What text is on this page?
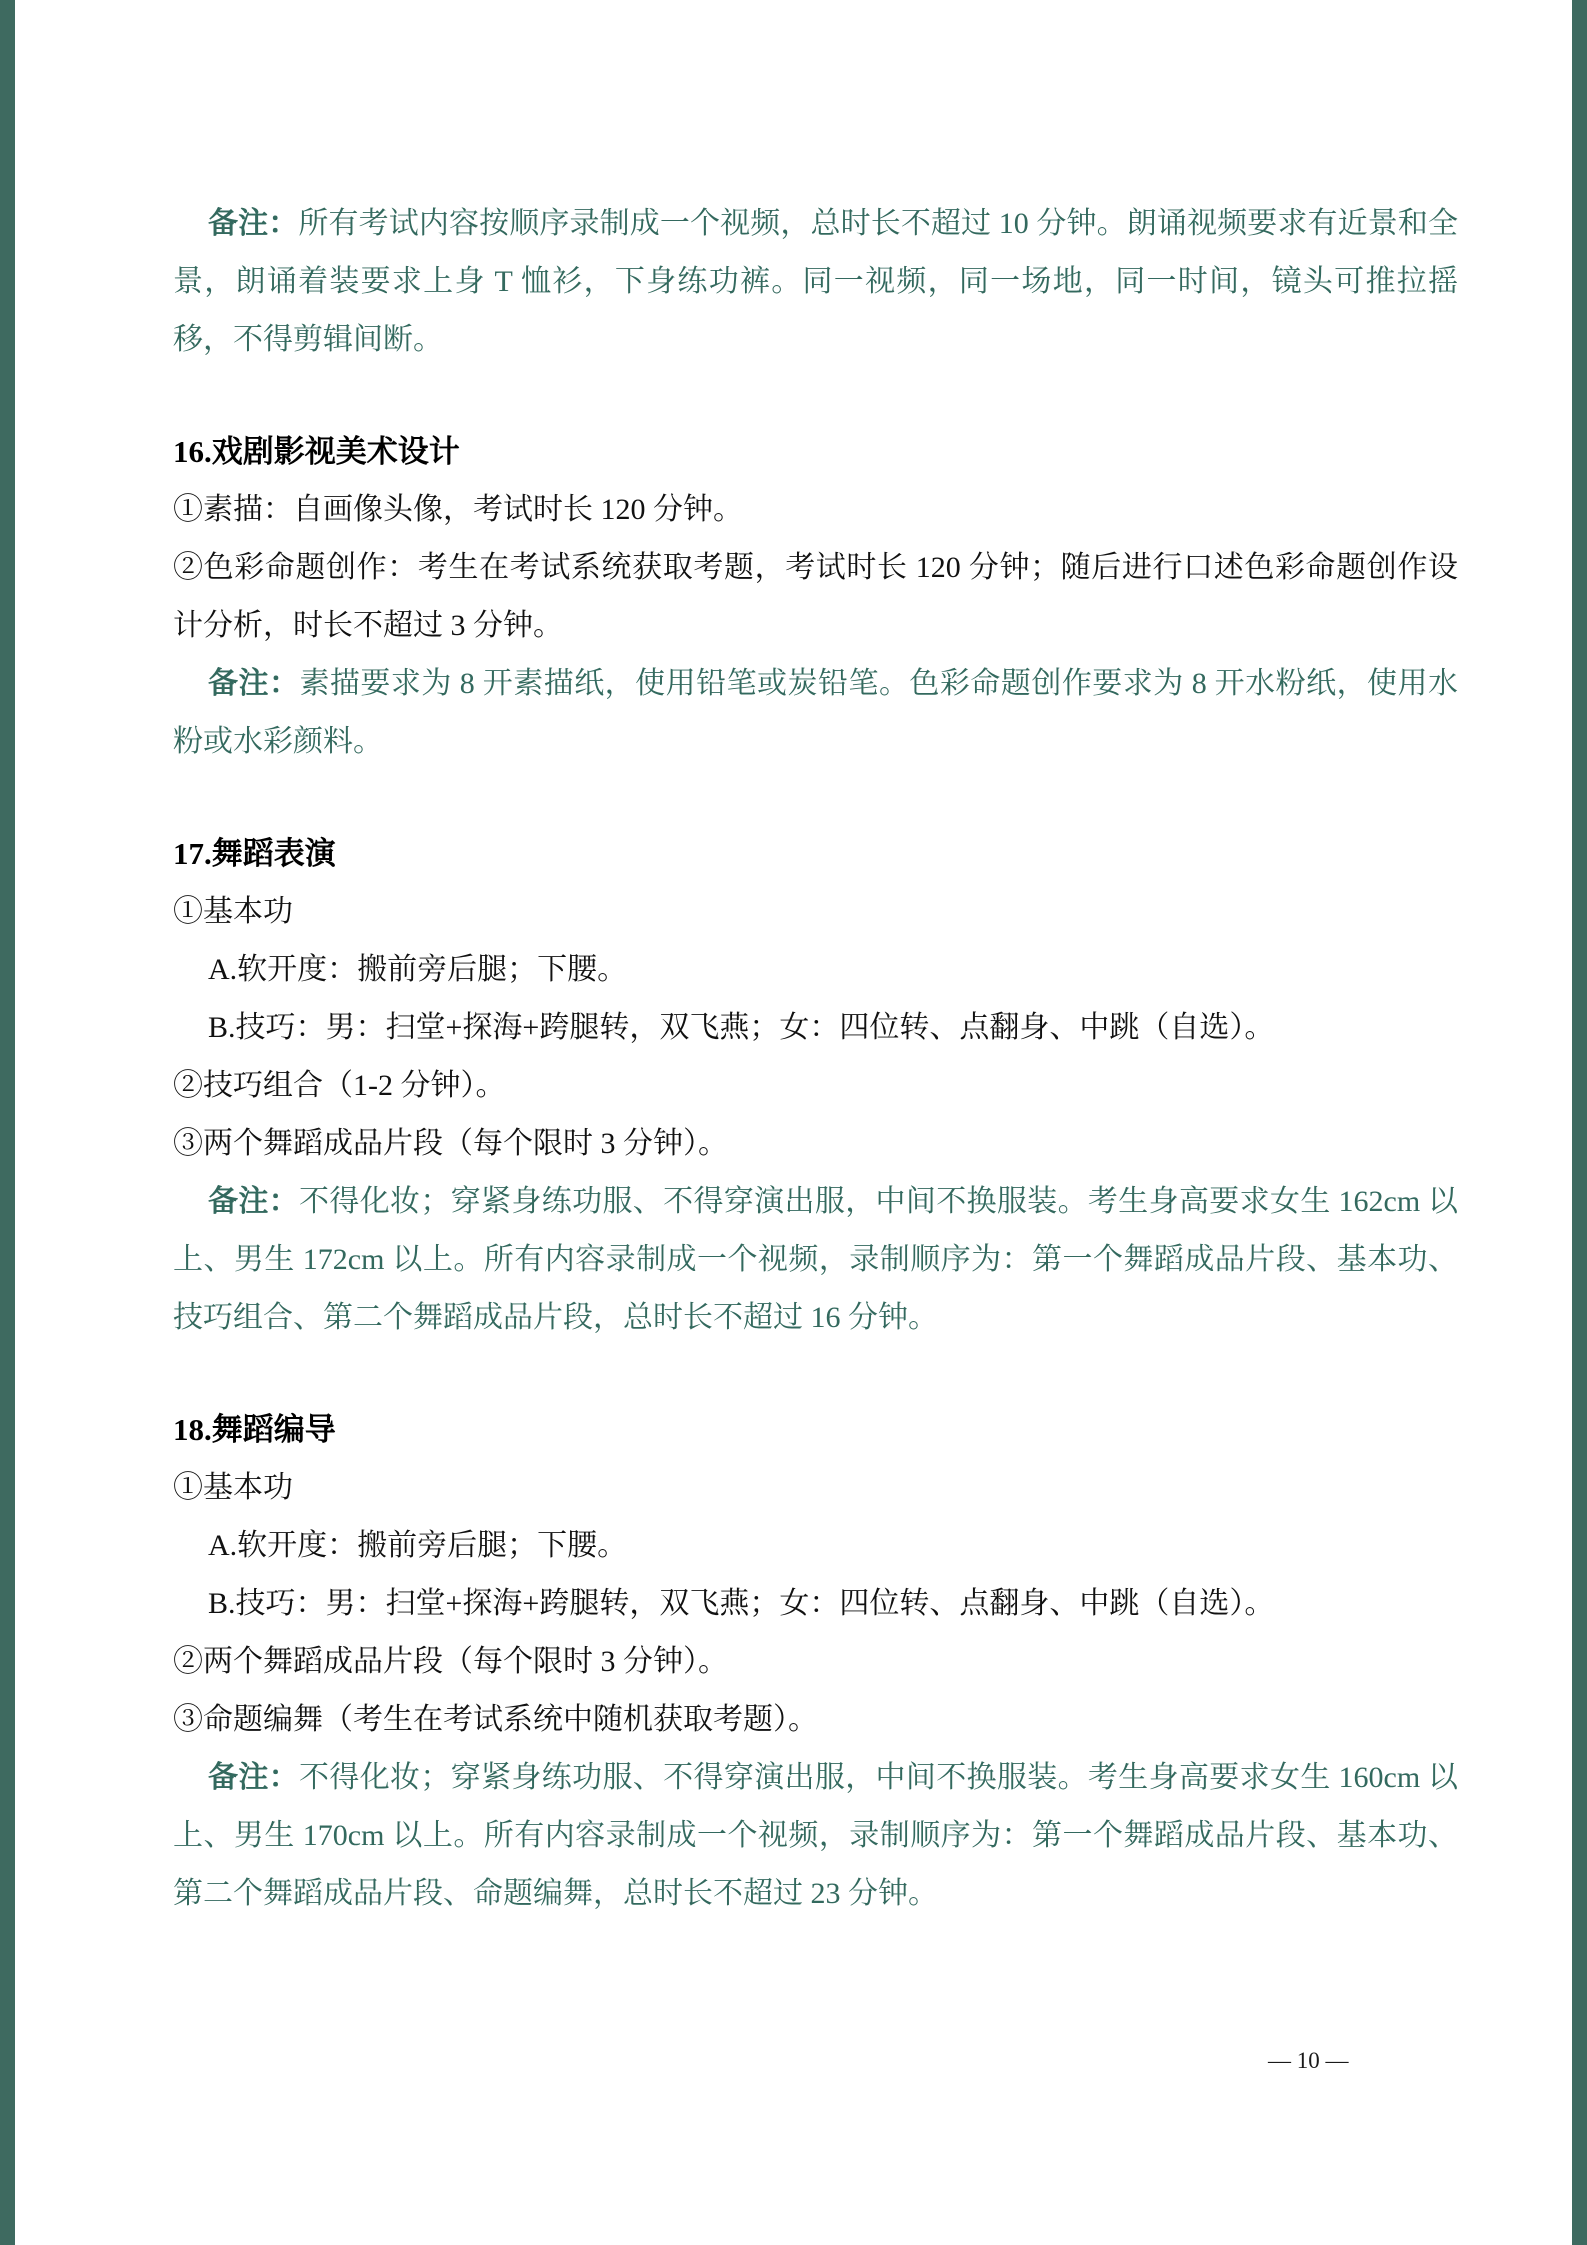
备注：所有考试内容按顺序录制成一个视频，总时长不超过 10 分钟。朗诵视频要求有近景和全景，朗诵着装要求上身 T 恤衫，下身练功裤。同一视频，同一场地，同一时间，镜头可推拉摇移，不得剪辑间断。

16.戏剧影视美术设计

①素描：自画像头像，考试时长 120 分钟。

②色彩命题创作：考生在考试系统获取考题，考试时长 120 分钟；随后进行口述色彩命题创作设计分析，时长不超过 3 分钟。

备注：素描要求为 8 开素描纸，使用铅笔或炭铅笔。色彩命题创作要求为 8 开水粉纸，使用水粉或水彩颜料。

17.舞蹈表演

①基本功

A.软开度：搬前旁后腿；下腰。

B.技巧：男：扫堂+探海+跨腿转，双飞燕；女：四位转、点翻身、中跳（自选）。

②技巧组合（1-2 分钟）。

③两个舞蹈成品片段（每个限时 3 分钟）。

备注：不得化妆；穿紧身练功服、不得穿演出服，中间不换服装。考生身高要求女生 162cm 以上、男生 172cm 以上。所有内容录制成一个视频，录制顺序为：第一个舞蹈成品片段、基本功、技巧组合、第二个舞蹈成品片段，总时长不超过 16 分钟。

18.舞蹈编导

①基本功

A.软开度：搬前旁后腿；下腰。

B.技巧：男：扫堂+探海+跨腿转，双飞燕；女：四位转、点翻身、中跳（自选）。

②两个舞蹈成品片段（每个限时 3 分钟）。

③命题编舞（考生在考试系统中随机获取考题）。

备注：不得化妆；穿紧身练功服、不得穿演出服，中间不换服装。考生身高要求女生 160cm 以上、男生 170cm 以上。所有内容录制成一个视频，录制顺序为：第一个舞蹈成品片段、基本功、第二个舞蹈成品片段、命题编舞，总时长不超过 23 分钟。

— 10 —
